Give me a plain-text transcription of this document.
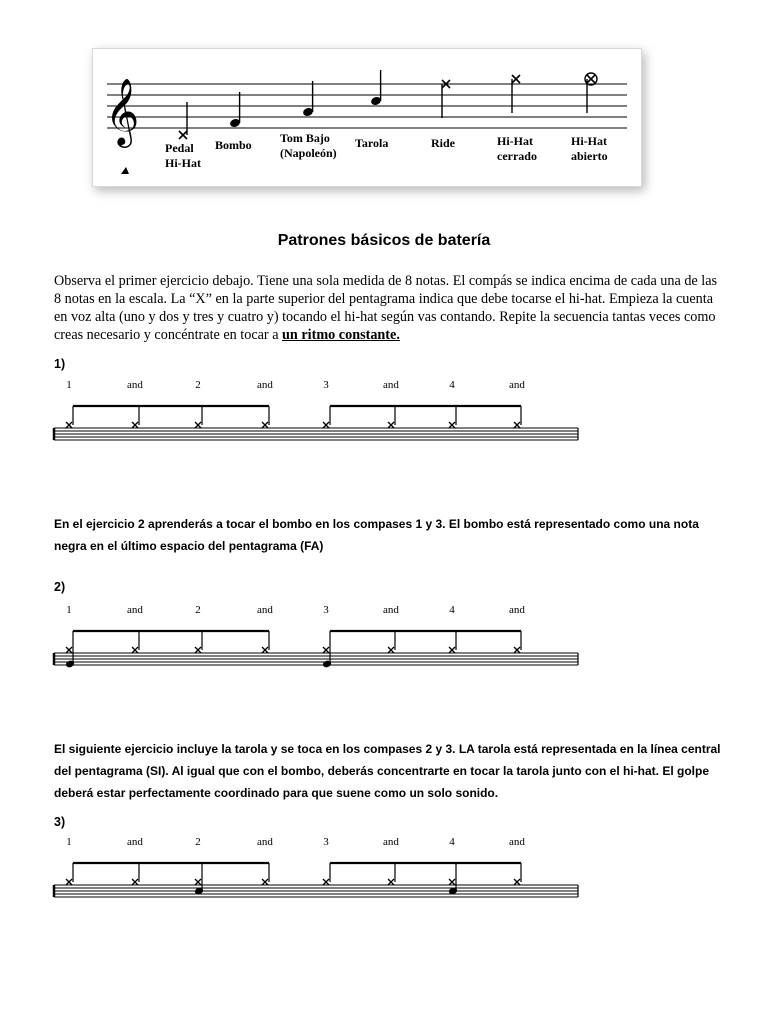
𝄞
Pedal
Hi-Hat
Bombo Tom Bajo
(Napoleón)
Tarola	Ride	Hi-Hat
cerrado
Hi-Hat
abierto
Patrones básicos de batería
Observa el primer ejercicio debajo. Tiene una sola medida de 8 notas. El compás se indica encima de cada una de las 8 notas en la escala. La “X” en la parte superior del pentagrama indica que debe tocarse el hi-hat. Empieza la cuenta en voz alta (uno y dos y tres y cuatro y) tocando el hi-hat según vas contando. Repite la secuencia tantas veces como creas necesario y concéntrate en tocar a un ritmo constante.
1)
1	and	2	and	3	and	4	and
En el ejercicio 2 aprenderás a tocar el bombo en los compases 1 y 3. El bombo está representado como una nota negra en el último espacio del pentagrama (FA)
2)
1	and	2	and	3	and	4	and
El siguiente ejercicio incluye la tarola y se toca en los compases 2 y 3. LA tarola está representada en la línea central del pentagrama (SI). Al igual que con el bombo, deberás concentrarte en tocar la tarola junto con el hi-hat. El golpe deberá estar perfectamente coordinado para que suene como un solo sonido.
3)
1	and	2	and	3	and	4	and
